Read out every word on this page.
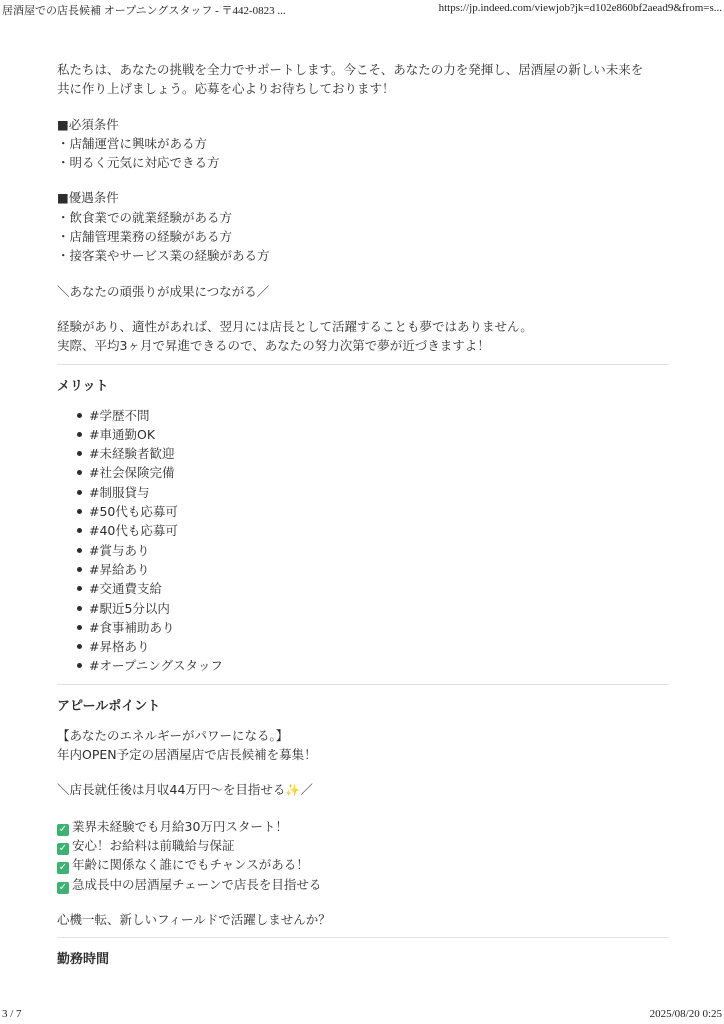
居酒屋での店長候補 オープニングスタッフ - 〒442-0823 ...	https://jp.indeed.com/viewjob?jk=d102e860bf2aead9&from=s...

私たちは、あなたの挑戦を全力でサポートします。今こそ、あなたの力を発揮し、居酒屋の新しい未来を

共に作り上げましょう。応募を心よりお待ちしております！

■必須条件

・店舗運営に興味がある方

・明るく元気に対応できる方

■優遇条件

・飲食業での就業経験がある方

・店舗管理業務の経験がある方

・接客業やサービス業の経験がある方

＼あなたの頑張りが成果につながる／

経験があり、適性があれば、翌月には店長として活躍することも夢ではありません。

実際、平均3ヶ月で昇進できるので、あなたの努力次第で夢が近づきますよ！

メリット
#学歴不問
#車通勤OK
#未経験者歓迎
#社会保険完備
#制服貸与
#50代も応募可
#40代も応募可
#賞与あり
#昇給あり
#交通費支給
#駅近5分以内
#食事補助あり
#昇格あり
#オープニングスタッフ
アピールポイント

【あなたのエネルギーがパワーになる。】

年内OPEN予定の居酒屋店で店長候補を募集！

＼店長就任後は月収44万円～を目指せる✨／

✓ 業界未経験でも月給30万円スタート！

✓ 安心！お給料は前職給与保証

✓ 年齢に関係なく誰にでもチャンスがある！

✓ 急成長中の居酒屋チェーンで店長を目指せる

心機一転、新しいフィールドで活躍しませんか？

勤務時間
3 / 7	2025/08/20 0:25
